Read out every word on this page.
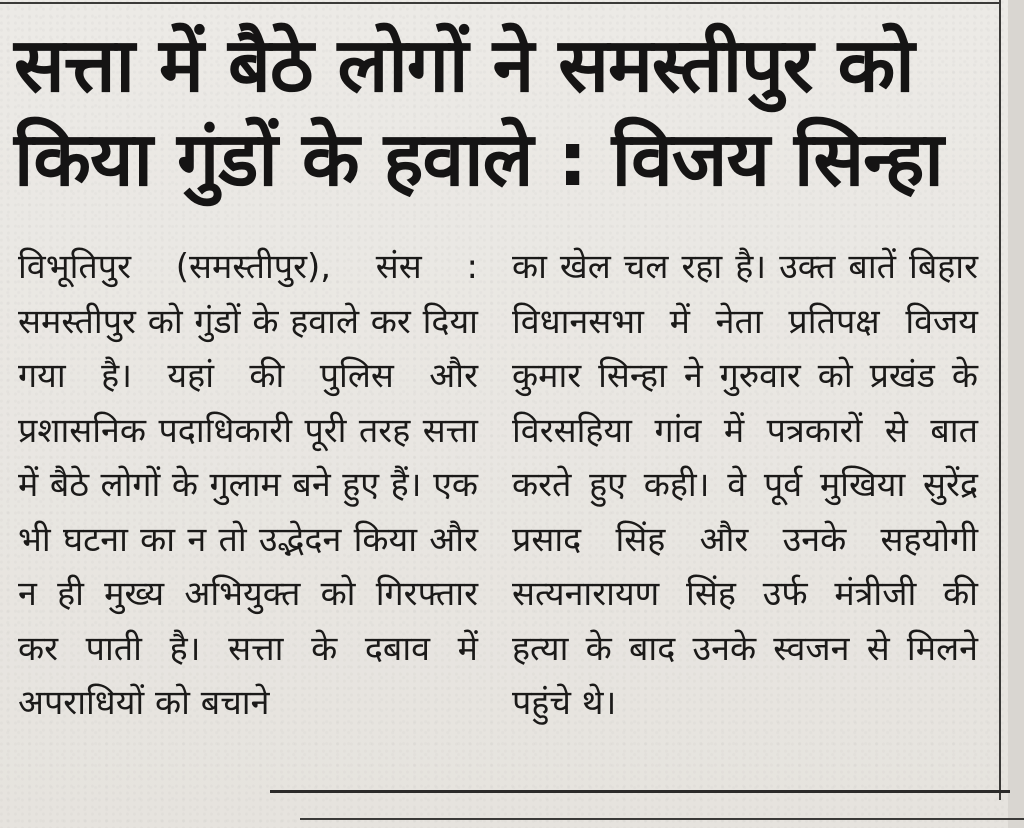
सत्ता में बैठे लोगों ने समस्तीपुर को
किया गुंडों के हवाले : विजय सिन्हा

विभूतिपुर (समस्तीपुर), संस : समस्तीपुर को गुंडों के हवाले कर दिया गया है। यहां की पुलिस और प्रशासनिक पदाधिकारी पूरी तरह सत्ता में बैठे लोगों के गुलाम बने हुए हैं। एक भी घटना का न तो उद्भेदन किया और न ही मुख्य अभियुक्त को गिरफ्तार कर पाती है। सत्ता के दबाव में अपराधियों को बचाने

का खेल चल रहा है। उक्त बातें बिहार विधानसभा में नेता प्रतिपक्ष विजय कुमार सिन्हा ने गुरुवार को प्रखंड के विरसहिया गांव में पत्रकारों से बात करते हुए कही। वे पूर्व मुखिया सुरेंद्र प्रसाद सिंह और उनके सहयोगी सत्यनारायण सिंह उर्फ मंत्रीजी की हत्या के बाद उनके स्वजन से मिलने पहुंचे थे।
